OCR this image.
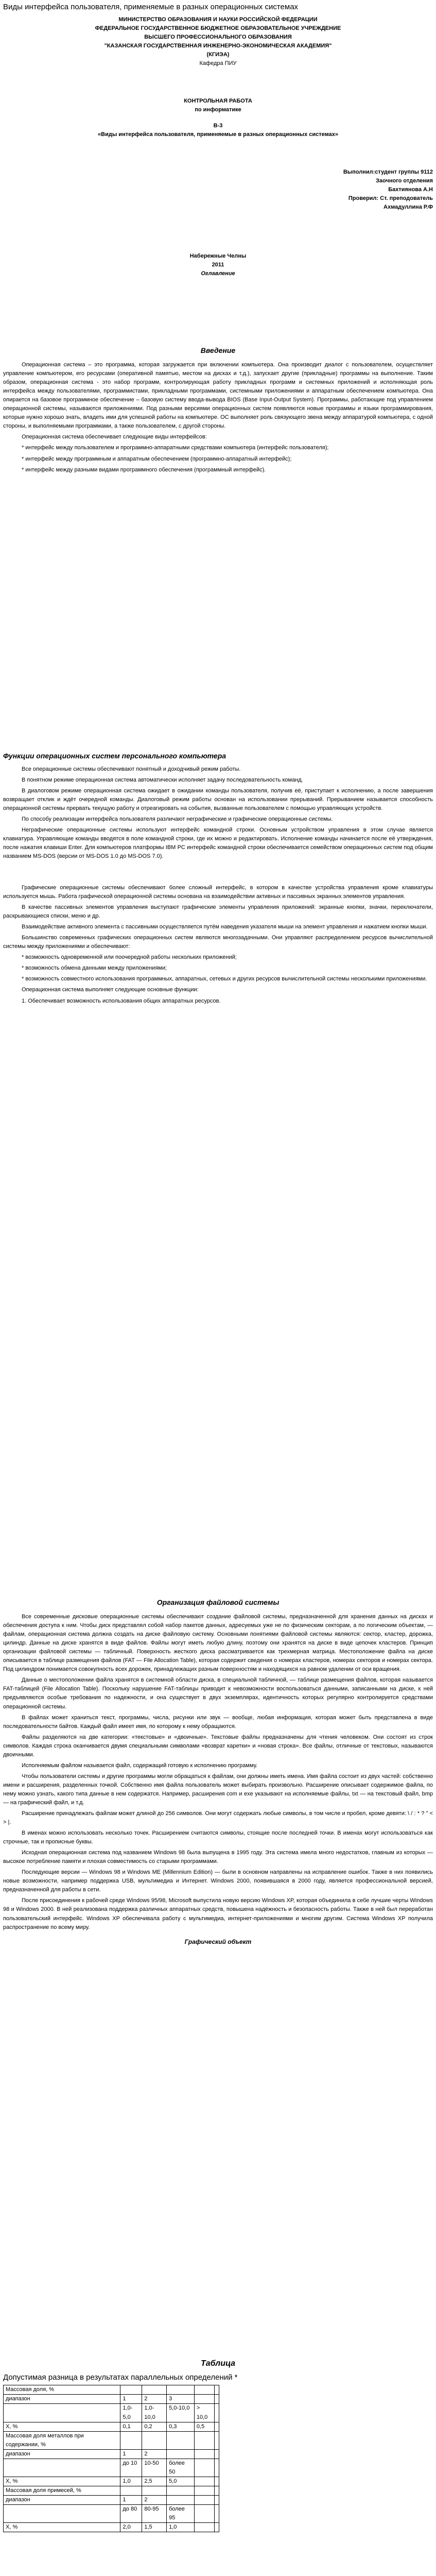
Виды интерфейса пользователя, применяемые в разных операционных системах
МИНИСТЕРСТВО ОБРАЗОВАНИЯ И НАУКИ РОССИЙСКОЙ ФЕДЕРАЦИИ
ФЕДЕРАЛЬНОЕ ГОСУДАРСТВЕННОЕ БЮДЖЕТНОЕ ОБРАЗОВАТЕЛЬНОЕ УЧРЕЖДЕНИЕ
ВЫСШЕГО ПРОФЕССИОНАЛЬНОГО ОБРАЗОВАНИЯ
"КАЗАНСКАЯ ГОСУДАРСТВЕННАЯ ИНЖЕНЕРНО-ЭКОНОМИЧЕСКАЯ АКАДЕМИЯ"
(КГИЭА)
Кафедра ПИУ
КОНТРОЛЬНАЯ РАБОТА
по информатике
В-3
«Виды интерфейса пользователя, применяемые в разных операционных системах»
Выполнил:студент группы 9112
Заочного отделения
Бахтиянова А.Н
Проверил: Ст. преподователь
Ахмадуллина Р.Ф
Набережные Челны
2011
Оглавление
Введение

Операционная система – это программа, которая загружается при включении компьютера. Она производит диалог с пользователем, осуществляет управление компьютером, его ресурсами (оперативной памятью, местом на дисках и т.д.), запускает другие (прикладные) программы на выполнение. Таким образом, операционная система - это набор программ, контролирующая работу прикладных программ и системных приложений и исполняющая роль интерфейса между пользователями, программистами, прикладными программами, системными приложениями и аппаратным обеспечением компьютера. Она опирается на базовое программное обеспечение – базовую систему ввода-вывода BIOS (Base Input-Output System). Программы, работающие под управлением операционной системы, называются приложениями. Под разными версиями операционных систем появляются новые программы и языки программирования, которые нужно хорошо знать, владеть ими для успешной работы на компьютере. ОС выполняет роль связующего звена между аппаратурой компьютера, с одной стороны, и выполняемыми программами, а также пользователем, с другой стороны.

Операционная система обеспечивает следующие виды интерфейсов:

* интерфейс между пользователем и программно-аппаратными средствами компьютера (интерфейс пользователя);

* интерфейс между программным и аппаратным обеспечением (программно-аппаратный интерфейс);

* интерфейс между разными видами программного обеспечения (программный интерфейс).

Функции операционных систем персонального компьютера

Все операционные системы обеспечивают понятный и доходчивый режим работы.

В понятном режиме операционная система автоматически исполняет задачу последовательность команд.

В диалоговом режиме операционная система ожидает в ожидании команды пользователя, получив её, приступает к исполнению, а после завершения возвращает отклик и ждёт очередной команды. Диалоговый режим работы основан на использовании прерываний. Прерыванием называется способность операционной системы прервать текущую работу и отреагировать на события, вызванные пользователем с помощью управляющих устройств.

По способу реализации интерфейса пользователя различают неграфические и графические операционные системы.

Неграфические операционные системы используют интерфейс командной строки. Основным устройством управления в этом случае является клавиатура. Управляющие команды вводятся в поле командной строки, где их можно и редактировать. Исполнение команды начинается после её утверждения, после нажатия клавиши Enter. Для компьютеров платформы IBM PC интерфейс командной строки обеспечивается семейством операционных систем под общим названием MS-DOS (версии от MS-DOS 1.0 до MS-DOS 7.0).

Графические операционные системы обеспечивают более сложный интерфейс, в котором в качестве устройства управления кроме клавиатуры используется мышь. Работа графической операционной системы основана на взаимодействии активных и пассивных экранных элементов управления.

В качестве пассивных элементов управления выступают графические элементы управления приложений: экранные кнопки, значки, переключатели, раскрывающиеся списки, меню и др.

Взаимодействие активного элемента с пассивными осуществляется путём наведения указателя мыши на элемент управления и нажатием кнопки мыши.

Большинство современных графических операционных систем являются многозадачными. Они управляют распределением ресурсов вычислительной системы между приложениями и обеспечивают:

* возможность одновременной или поочередной работы нескольких приложений;

* возможность обмена данными между приложениями;

* возможность совместного использования программных, аппаратных, сетевых и других ресурсов вычислительной системы несколькими приложениями.

Операционная система выполняет следующие основные функции:

1. Обеспечивает возможность использования общих аппаратных ресурсов.

Организация файловой системы

Все современные дисковые операционные системы обеспечивают создание файловой системы, предназначенной для хранения данных на дисках и обеспечения доступа к ним. Чтобы диск представлял собой набор пакетов данных, адресуемых уже не по физическим секторам, а по логическим объектам, — файлам, операционная система должна создать на диске файловую систему. Основными понятиями файловой системы являются: сектор, кластер, дорожка, цилиндр. Данные на диске хранятся в виде файлов. Файлы могут иметь любую длину, поэтому они хранятся на диске в виде цепочек кластеров. Принцип организации файловой системы — табличный. Поверхность жесткого диска рассматривается как трехмерная матрица. Местоположение файла на диске описывается в таблице размещения файлов (FAT — File Allocation Table), которая содержит сведения о номерах кластеров, номерах секторов и номерах сектора. Под цилиндром понимается совокупность всех дорожек, принадлежащих разным поверхностям и находящихся на равном удалении от оси вращения.

Данные о местоположении файла хранятся в системной области диска, в специальной табличной, — таблице размещения файлов, которая называется FAT-таблицей (File Allocation Table). Поскольку нарушение FAT-таблицы приводит к невозможности воспользоваться данными, записанными на диске, к ней предъявляются особые требования по надежности, и она существует в двух экземплярах, идентичность которых регулярно контролируется средствами операционной системы.

В файлах может храниться текст, программы, числа, рисунки или звук — вообще, любая информация, которая может быть представлена в виде последовательности байтов. Каждый файл имеет имя, по которому к нему обращаются.

Файлы разделяются на две категории: «текстовые» и «двоичные». Текстовые файлы предназначены для чтения человеком. Они состоят из строк символов. Каждая строка оканчивается двумя специальными символами «возврат каретки» и «новая строка». Все файлы, отличные от текстовых, называются двоичными.

Исполняемым файлом называется файл, содержащий готовую к исполнению программу.

Чтобы пользователи системы и другие программы могли обращаться к файлам, они должны иметь имена. Имя файла состоит из двух частей: собственно имени и расширения, разделенных точкой. Собственно имя файла пользователь может выбирать произвольно. Расширение описывает содержимое файла, по нему можно узнать, какого типа данные в нем содержатся. Например, расширения com и exe указывают на исполняемые файлы, txt — на текстовый файл, bmp — на графический файл, и т.д.

Расширение принадлежать файлам может длиной до 256 символов. Они могут содержать любые символы, в том числе и пробел, кроме девяти: \ / : * ? " < > |.

В именах можно использовать несколько точек. Расширением считаются символы, стоящие после последней точки. В именах могут использоваться как строчные, так и прописные буквы.

Исходная операционная система под названием Windows 98 была выпущена в 1995 году. Эта система имела много недостатков, главным из которых — высокое потребление памяти и плохая совместимость со старыми программами.

Последующие версии — Windows 98 и Windows ME (Millennium Edition) — были в основном направлены на исправление ошибок. Также в них появились новые возможности, например поддержка USB, мультимедиа и Интернет. Windows 2000, появившаяся в 2000 году, является профессиональной версией, предназначенной для работы в сети.

После присоединения к рабочей среде Windows 95/98, Microsoft выпустила новую версию Windows XP, которая объединила в себе лучшие черты Windows 98 и Windows 2000. В ней реализована поддержка различных аппаратных средств, повышена надёжность и безопасность работы. Также в ней был переработан пользовательский интерфейс. Windows XP обеспечивала работу с мультимедиа, интернет-приложениями и многим другим. Система Windows XP получила распространение по всему миру.

Графический объект
Таблица
Допустимая разница в результатах параллельных определений *
Массовая доля, %					
диапазон	1	2	3		
	1,0-5,0	1,0-10,0	5,0-10,0	> 10,0	
X, %	0,1	0,2	0,3	0,5	
Массовая доля металлов при содержании, %					
диапазон	1	2			
	до 10	10-50	более 50		
X, %	1,0	2,5	5,0		
Массовая доля примесей, %					
диапазон	1	2			
	до 80	80-95	более 95		
X, %	2,0	1,5	1,0		
